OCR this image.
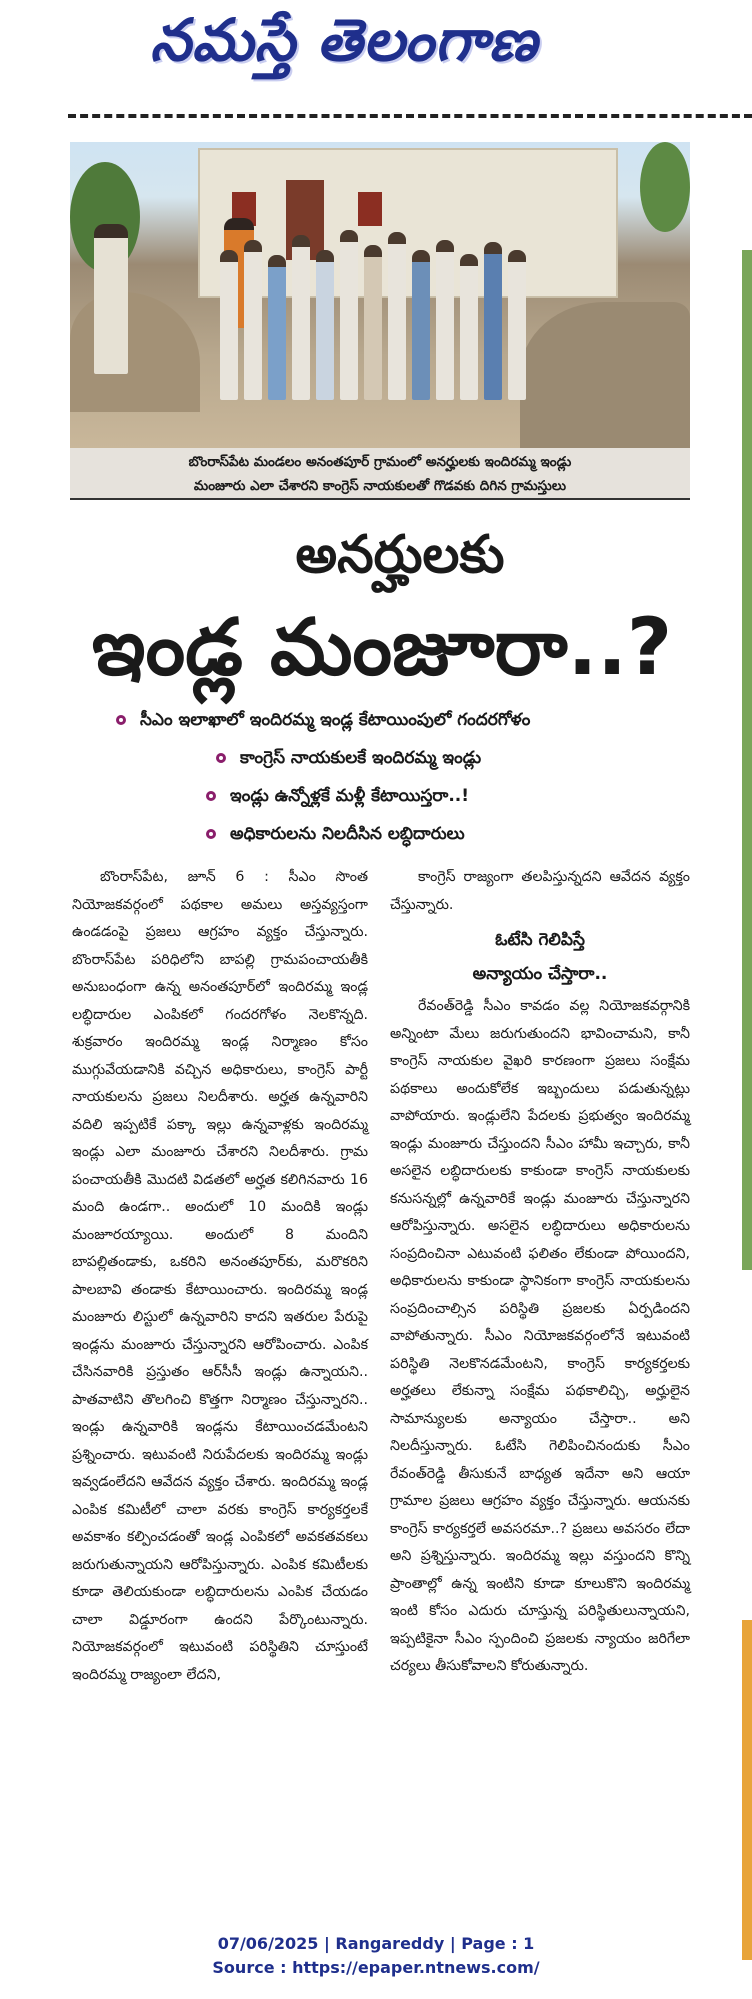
నమస్తే తెలంగాణ
బొంరాస్‌పేట మండలం అనంతపూర్ గ్రామంలో అనర్హులకు ఇందిరమ్మ ఇండ్లు
మంజూరు ఎలా చేశారని కాంగ్రెస్ నాయకులతో గొడవకు దిగిన గ్రామస్తులు
అనర్హులకు
ఇండ్ల మంజూరా..?
సీఎం ఇలాఖాలో ఇందిరమ్మ ఇండ్ల కేటాయింపులో గందరగోళం
కాంగ్రెస్ నాయకులకే ఇందిరమ్మ ఇండ్లు
ఇండ్లు ఉన్నోళ్లకే మళ్లీ కేటాయిస్తరా..!
అధికారులను నిలదీసిన లబ్ధిదారులు

బొంరాస్‌పేట, జూన్ 6 : సీఎం సొంత నియోజకవర్గంలో పథకాల అమలు అస్తవ్యస్తంగా ఉండడంపై ప్రజలు ఆగ్రహం వ్యక్తం చేస్తున్నారు. బొంరాస్‌పేట పరిధిలోని బాపల్లి గ్రామపంచాయతీకి అనుబంధంగా ఉన్న అనంతపూర్‌లో ఇందిరమ్మ ఇండ్ల లబ్ధిదారుల ఎంపికలో గందరగోళం నెలకొన్నది. శుక్రవారం ఇందిరమ్మ ఇండ్ల నిర్మాణం కోసం ముగ్గువేయడానికి వచ్చిన అధికారులు, కాంగ్రెస్ పార్టీ నాయకులను ప్రజలు నిలదీశారు. అర్హత ఉన్నవారిని వదిలి ఇప్పటికే పక్కా ఇల్లు ఉన్నవాళ్లకు ఇందిరమ్మ ఇండ్లు ఎలా మంజూరు చేశారని నిలదీశారు. గ్రామ పంచాయతీకి మొదటి విడతలో అర్హత కలిగినవారు 16 మంది ఉండగా.. అందులో 10 మందికి ఇండ్లు మంజూరయ్యాయి. అందులో 8 మందిని బాపల్లితండాకు, ఒకరిని అనంతపూర్‌కు, మరొకరిని పాలబావి తండాకు కేటాయించారు. ఇందిరమ్మ ఇండ్ల మంజూరు లిస్టులో ఉన్నవారిని కాదని ఇతరుల పేరుపై ఇండ్లను మంజూరు చేస్తున్నారని ఆరోపించారు. ఎంపిక చేసినవారికి ప్రస్తుతం ఆర్‌సీసీ ఇండ్లు ఉన్నాయని.. పాతవాటిని తొలగించి కొత్తగా నిర్మాణం చేస్తున్నారని.. ఇండ్లు ఉన్నవారికి ఇండ్లను కేటాయించడమేంటని ప్రశ్నించారు. ఇటువంటి నిరుపేదలకు ఇందిరమ్మ ఇండ్లు ఇవ్వడంలేదని ఆవేదన వ్యక్తం చేశారు. ఇందిరమ్మ ఇండ్ల ఎంపిక కమిటీలో చాలా వరకు కాంగ్రెస్ కార్యకర్తలకే అవకాశం కల్పించడంతో ఇండ్ల ఎంపికలో అవకతవకలు జరుగుతున్నాయని ఆరోపిస్తున్నారు. ఎంపిక కమిటీలకు కూడా తెలియకుండా లబ్ధిదారులను ఎంపిక చేయడం చాలా విడ్డూరంగా ఉందని పేర్కొంటున్నారు. నియోజకవర్గంలో ఇటువంటి పరిస్థితిని చూస్తుంటే ఇందిరమ్మ రాజ్యంలా లేదని,

కాంగ్రెస్ రాజ్యంగా తలపిస్తున్నదని ఆవేదన వ్యక్తం చేస్తున్నారు.

ఓటేసి గెలిపిస్తే
అన్యాయం చేస్తారా..

రేవంత్‌రెడ్డి సీఎం కావడం వల్ల నియోజకవర్గానికి అన్నింటా మేలు జరుగుతుందని భావించామని, కానీ కాంగ్రెస్ నాయకుల వైఖరి కారణంగా ప్రజలు సంక్షేమ పథకాలు అందుకోలేక ఇబ్బందులు పడుతున్నట్లు వాపోయారు. ఇండ్లులేని పేదలకు ప్రభుత్వం ఇందిరమ్మ ఇండ్లు మంజూరు చేస్తుందని సీఎం హామీ ఇచ్చారు, కానీ అసలైన లబ్ధిదారులకు కాకుండా కాంగ్రెస్ నాయకులకు కనుసన్నల్లో ఉన్నవారికే ఇండ్లు మంజూరు చేస్తున్నారని ఆరోపిస్తున్నారు. అసలైన లబ్ధిదారులు అధికారులను సంప్రదించినా ఎటువంటి ఫలితం లేకుండా పోయిందని, అధికారులను కాకుండా స్థానికంగా కాంగ్రెస్ నాయకులను సంప్రదించాల్సిన పరిస్థితి ప్రజలకు ఏర్పడిందని వాపోతున్నారు. సీఎం నియోజకవర్గంలోనే ఇటువంటి పరిస్థితి నెలకొనడమేంటని, కాంగ్రెస్ కార్యకర్తలకు అర్హతలు లేకున్నా సంక్షేమ పథకాలిచ్చి, అర్హులైన సామాన్యులకు అన్యాయం చేస్తారా.. అని నిలదీస్తున్నారు. ఓటేసి గెలిపించినందుకు సీఎం రేవంత్‌రెడ్డి తీసుకునే బాధ్యత ఇదేనా అని ఆయా గ్రామాల ప్రజలు ఆగ్రహం వ్యక్తం చేస్తున్నారు. ఆయనకు కాంగ్రెస్ కార్యకర్తలే అవసరమా..? ప్రజలు అవసరం లేదా అని ప్రశ్నిస్తున్నారు. ఇందిరమ్మ ఇల్లు వస్తుందని కొన్ని ప్రాంతాల్లో ఉన్న ఇంటిని కూడా కూలుకొని ఇందిరమ్మ ఇంటి కోసం ఎదురు చూస్తున్న పరిస్థితులున్నాయని, ఇప్పటికైనా సీఎం స్పందించి ప్రజలకు న్యాయం జరిగేలా చర్యలు తీసుకోవాలని కోరుతున్నారు.

07/06/2025 | Rangareddy | Page : 1
Source : https://epaper.ntnews.com/
